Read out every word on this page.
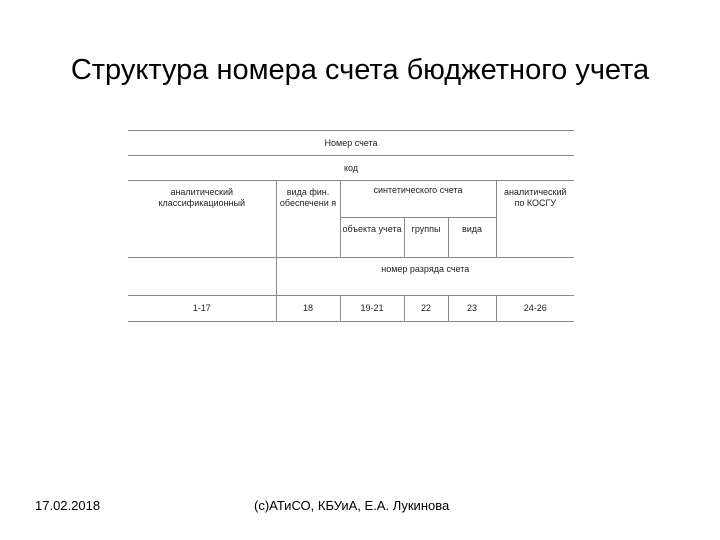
Структура номера счета бюджетного учета
Номер счета					
код					
аналитический классификационный	вида фин. обеспечени я	синтетического счета			аналитический по КОСГУ
		объекта учета	группы	вида	
	номер разряда счета				
1-17	18	19-21	22	23	24-26
17.02.2018	(c)АТиСО, КБУиА, Е.А. Лукинова
